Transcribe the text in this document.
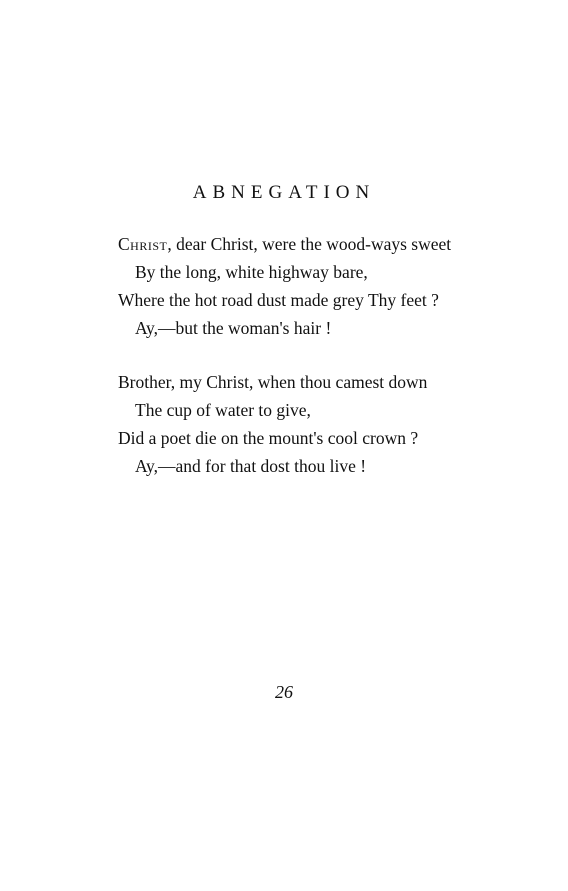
ABNEGATION
Christ, dear Christ, were the wood-ways sweet
By the long, white highway bare,
Where the hot road dust made grey Thy feet ?
Ay,—but the woman's hair !
Brother, my Christ, when thou camest down
The cup of water to give,
Did a poet die on the mount's cool crown ?
Ay,—and for that dost thou live !
26
